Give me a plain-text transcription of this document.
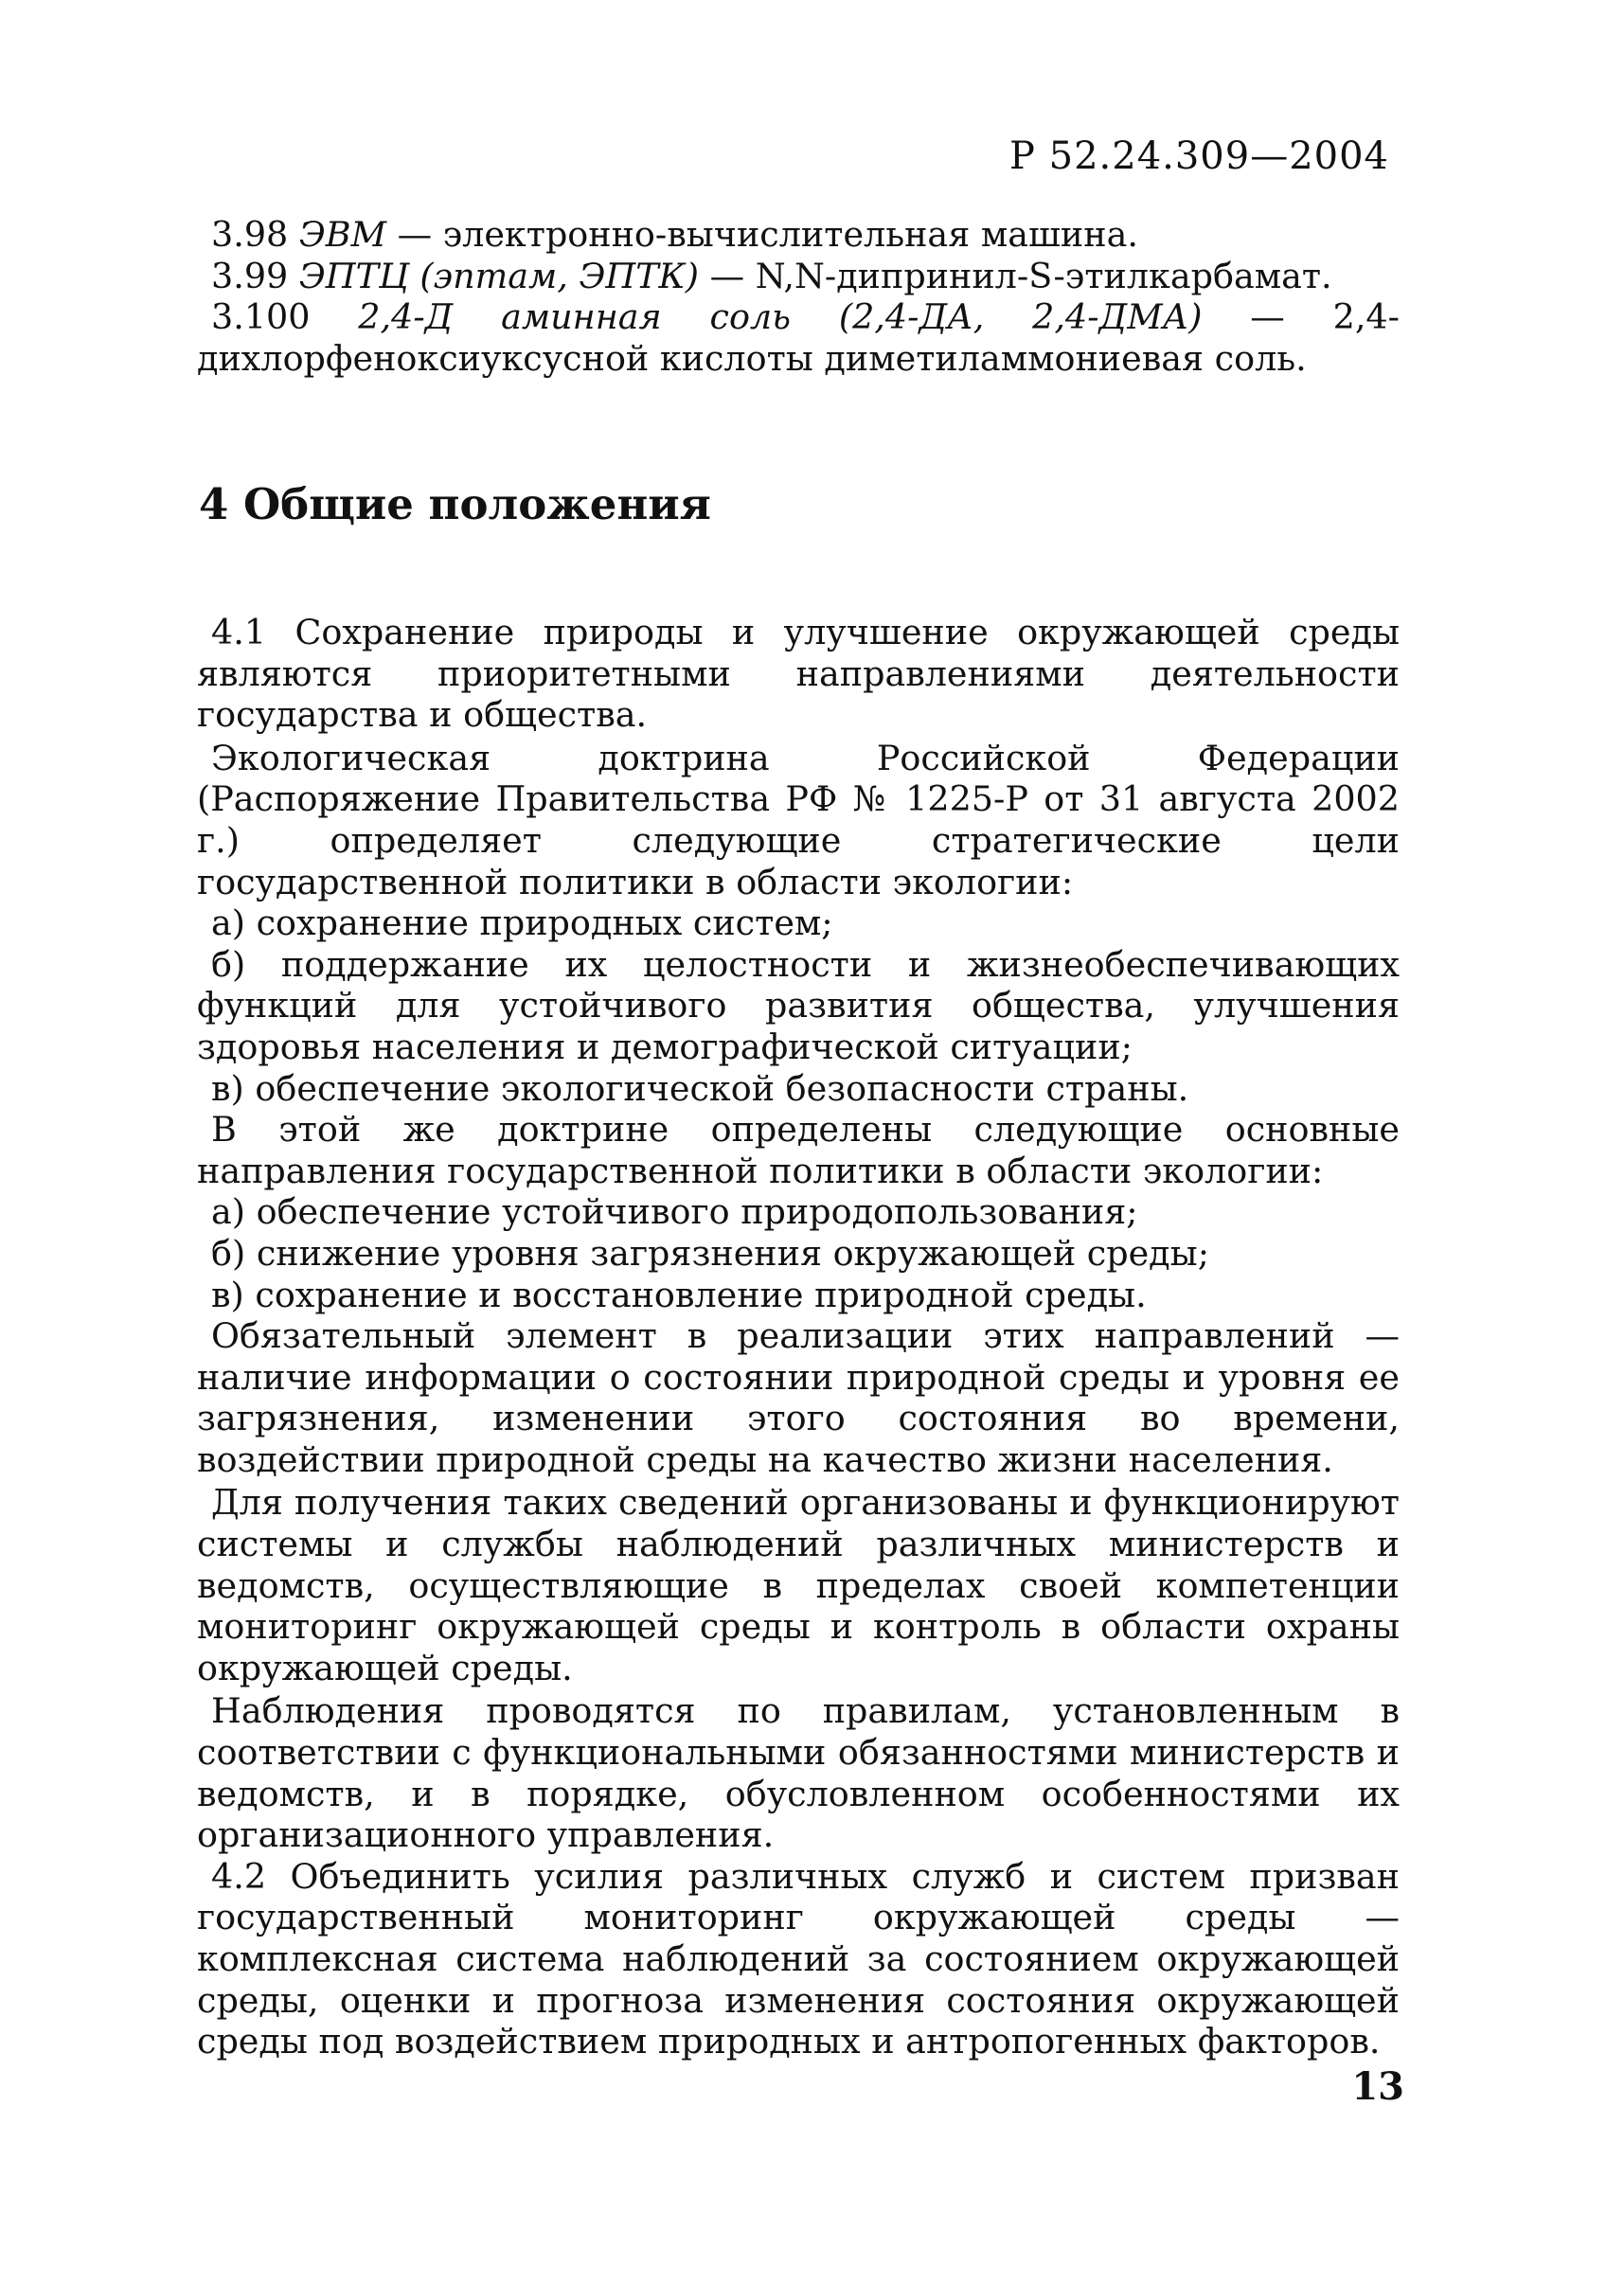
Р 52.24.309—2004

3.98 ЭВМ — электронно-вычислительная машина.

3.99 ЭПТЦ (эптам, ЭПТК) — N,N-дипринил-S-этилкарбамат.

3.100 2,4-Д аминная соль (2,4-ДА, 2,4-ДМА) — 2,4-дихлорфеноксиуксусной кислоты диметиламмониевая соль.

4 Общие положения

4.1 Сохранение природы и улучшение окружающей среды являются приоритетными направлениями деятельности государства и общества.

Экологическая доктрина Российской Федерации (Распоряжение Правительства РФ № 1225-Р от 31 августа 2002 г.) определяет следующие стратегические цели государственной политики в области экологии:

а) сохранение природных систем;

б) поддержание их целостности и жизнеобеспечивающих функций для устойчивого развития общества, улучшения здоровья населения и демографической ситуации;

в) обеспечение экологической безопасности страны.

В этой же доктрине определены следующие основные направления государственной политики в области экологии:

а) обеспечение устойчивого природопользования;

б) снижение уровня загрязнения окружающей среды;

в) сохранение и восстановление природной среды.

Обязательный элемент в реализации этих направлений — наличие информации о состоянии природной среды и уровня ее загрязнения, изменении этого состояния во времени, воздействии природной среды на качество жизни населения.

Для получения таких сведений организованы и функционируют системы и службы наблюдений различных министерств и ведомств, осуществляющие в пределах своей компетенции мониторинг окружающей среды и контроль в области охраны окружающей среды.

Наблюдения проводятся по правилам, установленным в соответствии с функциональными обязанностями министерств и ведомств, и в порядке, обусловленном особенностями их организационного управления.

4.2 Объединить усилия различных служб и систем призван государственный мониторинг окружающей среды — комплексная система наблюдений за состоянием окружающей среды, оценки и прогноза изменения состояния окружающей среды под воздействием природных и антропогенных факторов.

13
